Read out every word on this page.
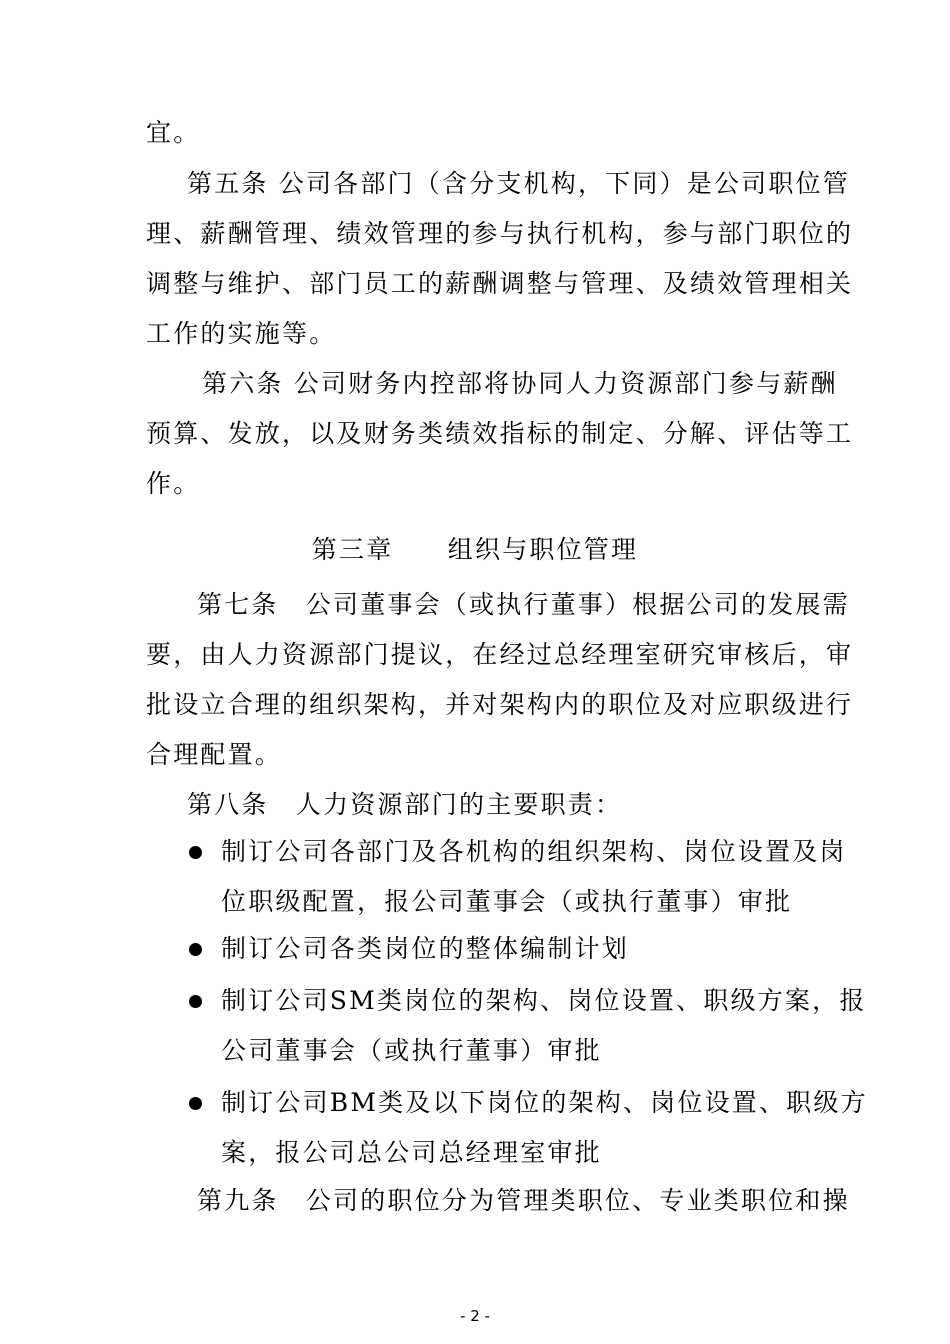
宜。
第五条 公司各部门（含分支机构，下同）是公司职位管
理、薪酬管理、绩效管理的参与执行机构，参与部门职位的
调整与维护、部门员工的薪酬调整与管理、及绩效管理相关
工作的实施等。
第六条 公司财务内控部将协同人力资源部门参与薪酬
预算、发放，以及财务类绩效指标的制定、分解、评估等工
作。
第三章　　组织与职位管理
第七条　公司董事会（或执行董事）根据公司的发展需
要，由人力资源部门提议，在经过总经理室研究审核后，审
批设立合理的组织架构，并对架构内的职位及对应职级进行
合理配置。
第八条　人力资源部门的主要职责：
制订公司各部门及各机构的组织架构、岗位设置及岗
位职级配置，报公司董事会（或执行董事）审批
制订公司各类岗位的整体编制计划
制订公司SM类岗位的架构、岗位设置、职级方案，报
公司董事会（或执行董事）审批
制订公司BM类及以下岗位的架构、岗位设置、职级方
案，报公司总公司总经理室审批
第九条　公司的职位分为管理类职位、专业类职位和操
- 2 -
